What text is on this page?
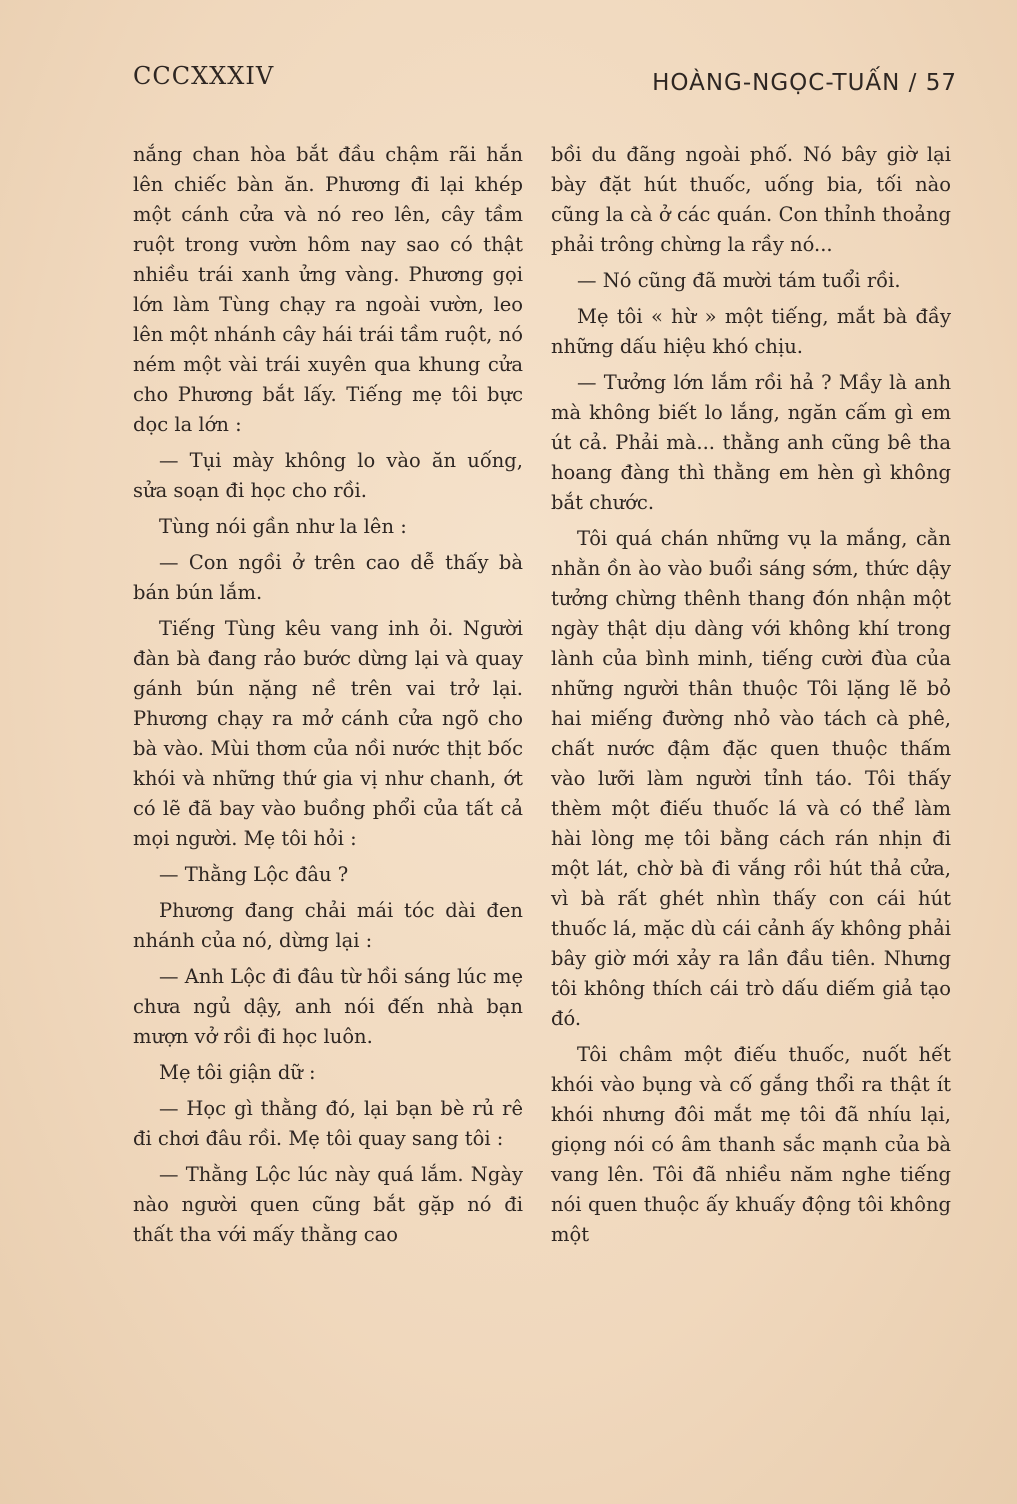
CCCXXXIV	HOÀNG-NGỌC-TUẤN / 57

nắng chan hòa bắt đầu chậm rãi hắn lên chiếc bàn ăn. Phương đi lại khép một cánh cửa và nó reo lên, cây tầm ruột trong vườn hôm nay sao có thật nhiều trái xanh ửng vàng. Phương gọi lớn làm Tùng chạy ra ngoài vườn, leo lên một nhánh cây hái trái tầm ruột, nó ném một vài trái xuyên qua khung cửa cho Phương bắt lấy. Tiếng mẹ tôi bực dọc la lớn :

— Tụi mày không lo vào ăn uống, sửa soạn đi học cho rồi.

Tùng nói gần như la lên :

— Con ngồi ở trên cao dễ thấy bà bán bún lắm.

Tiếng Tùng kêu vang inh ỏi. Người đàn bà đang rảo bước dừng lại và quay gánh bún nặng nề trên vai trở lại. Phương chạy ra mở cánh cửa ngõ cho bà vào. Mùi thơm của nồi nước thịt bốc khói và những thứ gia vị như chanh, ớt có lẽ đã bay vào buồng phổi của tất cả mọi người. Mẹ tôi hỏi :

— Thằng Lộc đâu ?

Phương đang chải mái tóc dài đen nhánh của nó, dừng lại :

— Anh Lộc đi đâu từ hồi sáng lúc mẹ chưa ngủ dậy, anh nói đến nhà bạn mượn vở rồi đi học luôn.

Mẹ tôi giận dữ :

— Học gì thằng đó, lại bạn bè rủ rê đi chơi đâu rồi. Mẹ tôi quay sang tôi :

— Thằng Lộc lúc này quá lắm. Ngày nào người quen cũng bắt gặp nó đi thất tha với mấy thằng cao

bồi du đãng ngoài phố. Nó bây giờ lại bày đặt hút thuốc, uống bia, tối nào cũng la cà ở các quán. Con thỉnh thoảng phải trông chừng la rầy nó...

— Nó cũng đã mười tám tuổi rồi.

Mẹ tôi « hừ » một tiếng, mắt bà đầy những dấu hiệu khó chịu.

— Tưởng lớn lắm rồi hả ? Mầy là anh mà không biết lo lắng, ngăn cấm gì em út cả. Phải mà... thằng anh cũng bê tha hoang đàng thì thằng em hèn gì không bắt chước.

Tôi quá chán những vụ la mắng, cằn nhằn ồn ào vào buổi sáng sớm, thức dậy tưởng chừng thênh thang đón nhận một ngày thật dịu dàng với không khí trong lành của bình minh, tiếng cười đùa của những người thân thuộc Tôi lặng lẽ bỏ hai miếng đường nhỏ vào tách cà phê, chất nước đậm đặc quen thuộc thấm vào lưỡi làm người tỉnh táo. Tôi thấy thèm một điếu thuốc lá và có thể làm hài lòng mẹ tôi bằng cách rán nhịn đi một lát, chờ bà đi vắng rồi hút thả cửa, vì bà rất ghét nhìn thấy con cái hút thuốc lá, mặc dù cái cảnh ấy không phải bây giờ mới xảy ra lần đầu tiên. Nhưng tôi không thích cái trò dấu diếm giả tạo đó.

Tôi châm một điếu thuốc, nuốt hết khói vào bụng và cố gắng thổi ra thật ít khói nhưng đôi mắt mẹ tôi đã nhíu lại, giọng nói có âm thanh sắc mạnh của bà vang lên. Tôi đã nhiều năm nghe tiếng nói quen thuộc ấy khuấy động tôi không một
